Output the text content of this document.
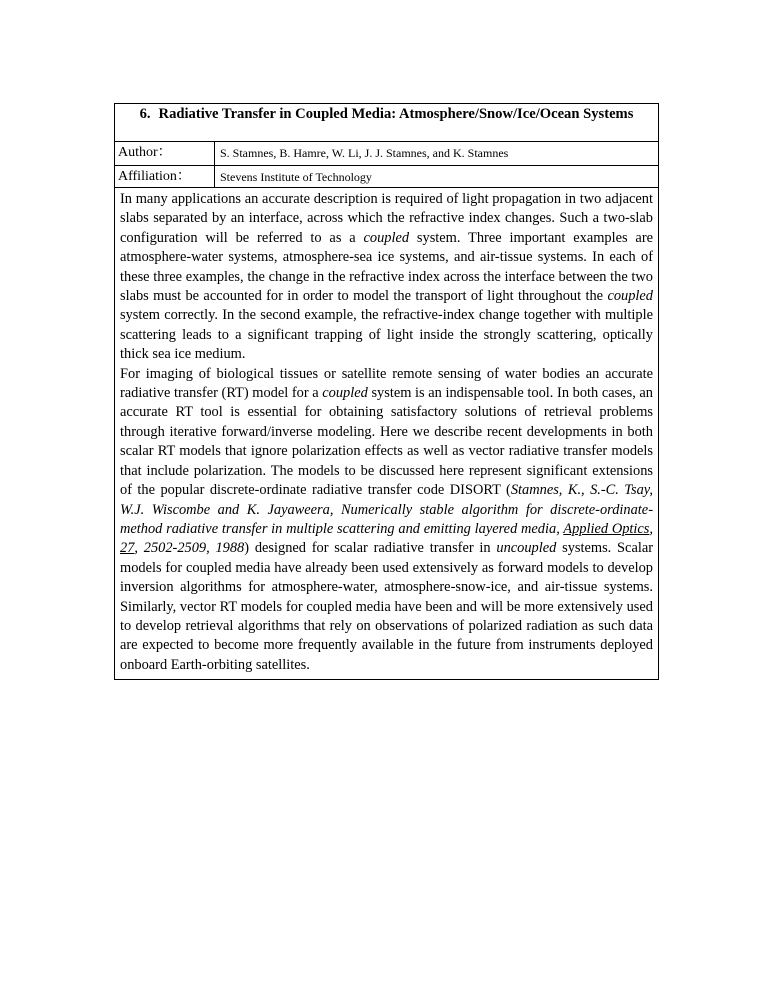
6. Radiative Transfer in Coupled Media: Atmosphere/Snow/Ice/Ocean Systems
Author：	S. Stamnes, B. Hamre, W. Li, J. J. Stamnes, and K. Stamnes
Affiliation：	Stevens Institute of Technology

In many applications an accurate description is required of light propagation in two adjacent slabs separated by an interface, across which the refractive index changes. Such a two-slab configuration will be referred to as a coupled system. Three important examples are atmosphere-water systems, atmosphere-sea ice systems, and air-tissue systems. In each of these three examples, the change in the refractive index across the interface between the two slabs must be accounted for in order to model the transport of light throughout the coupled system correctly. In the second example, the refractive-index change together with multiple scattering leads to a significant trapping of light inside the strongly scattering, optically thick sea ice medium.

For imaging of biological tissues or satellite remote sensing of water bodies an accurate radiative transfer (RT) model for a coupled system is an indispensable tool. In both cases, an accurate RT tool is essential for obtaining satisfactory solutions of retrieval problems through iterative forward/inverse modeling. Here we describe recent developments in both scalar RT models that ignore polarization effects as well as vector radiative transfer models that include polarization. The models to be discussed here represent significant extensions of the popular discrete-ordinate radiative transfer code DISORT (Stamnes, K., S.-C. Tsay, W.J. Wiscombe and K. Jayaweera, Numerically stable algorithm for discrete-ordinate-method radiative transfer in multiple scattering and emitting layered media, Applied Optics, 27, 2502-2509, 1988) designed for scalar radiative transfer in uncoupled systems. Scalar models for coupled media have already been used extensively as forward models to develop inversion algorithms for atmosphere-water, atmosphere-snow-ice, and air-tissue systems. Similarly, vector RT models for coupled media have been and will be more extensively used to develop retrieval algorithms that rely on observations of polarized radiation as such data are expected to become more frequently available in the future from instruments deployed onboard Earth-orbiting satellites.
